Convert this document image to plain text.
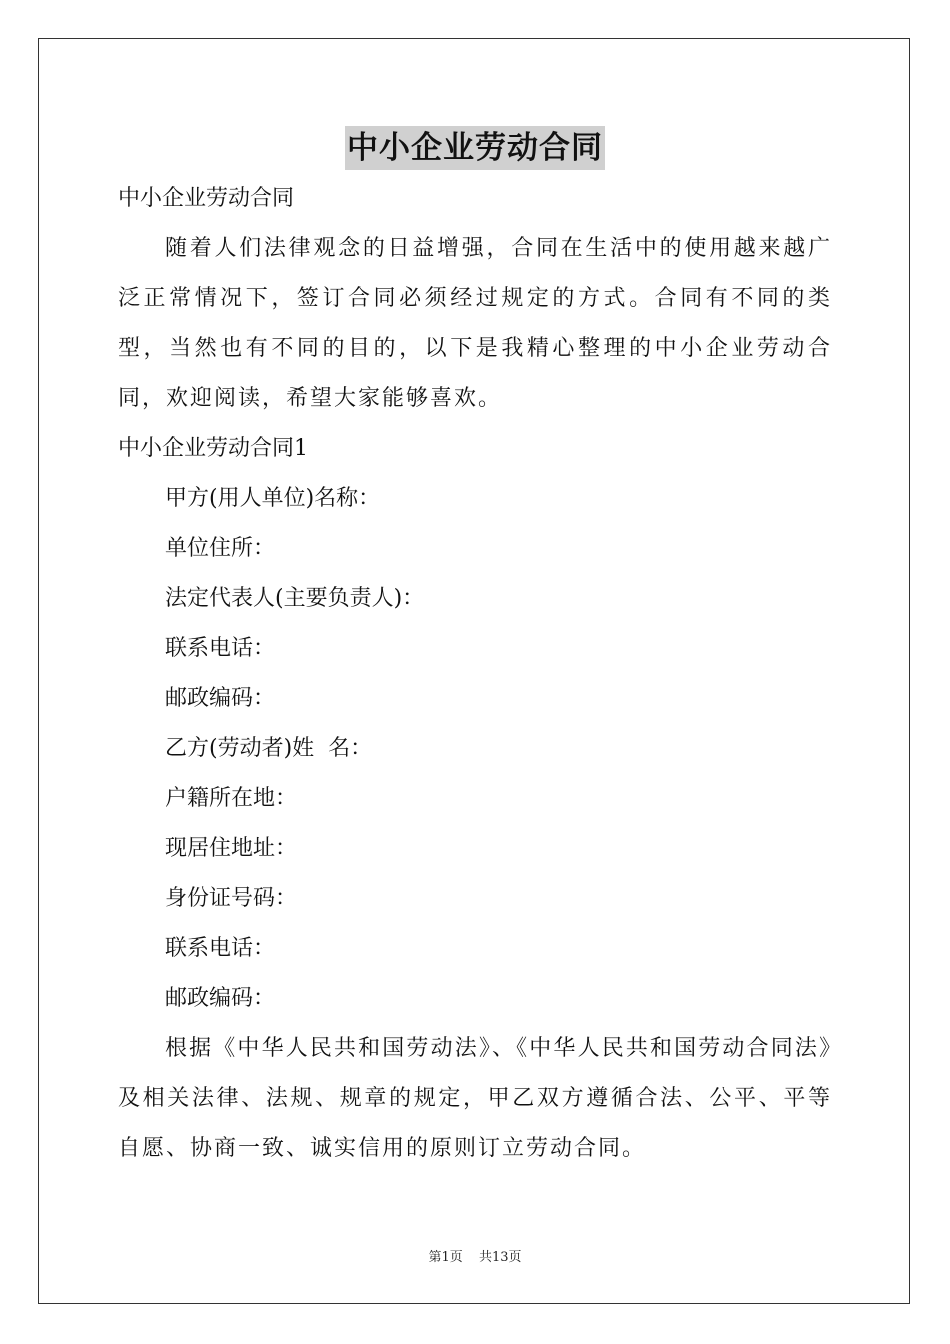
中小企业劳动合同

中小企业劳动合同

随着人们法律观念的日益增强，合同在生活中的使用越来越广泛正常情况下，签订合同必须经过规定的方式。合同有不同的类型，当然也有不同的目的，以下是我精心整理的中小企业劳动合同，欢迎阅读，希望大家能够喜欢。

中小企业劳动合同1

甲方(用人单位)名称：

单位住所：

法定代表人(主要负责人)：

联系电话：

邮政编码：

乙方(劳动者)姓  名：

户籍所在地：

现居住地址：

身份证号码：

联系电话：

邮政编码：

根据《中华人民共和国劳动法》、《中华人民共和国劳动合同法》及相关法律、法规、规章的规定，甲乙双方遵循合法、公平、平等自愿、协商一致、诚实信用的原则订立劳动合同。

第1页 共13页
